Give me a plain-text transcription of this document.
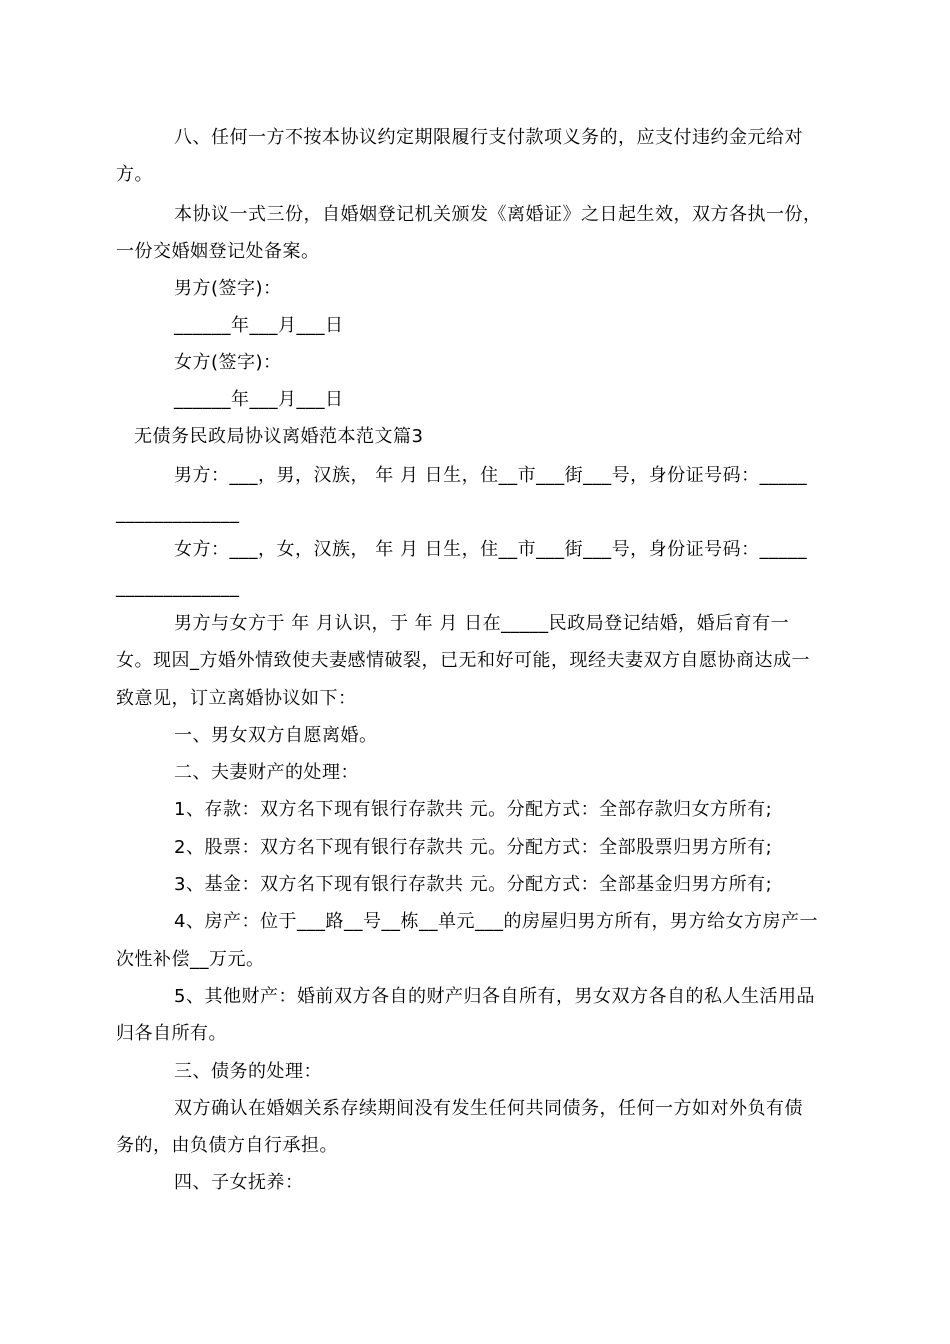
八、任何一方不按本协议约定期限履行支付款项义务的，应支付违约金元给对
方。
本协议一式三份，自婚姻登记机关颁发《离婚证》之日起生效，双方各执一份，
一份交婚姻登记处备案。
男方(签字)：
______年___月___日
女方(签字)：
______年___月___日
无债务民政局协议离婚范本范文篇3
男方：___，男，汉族， 年 月 日生，住__市___街___号，身份证号码：_____
_____________
女方：___，女，汉族， 年 月 日生，住__市___街___号，身份证号码：_____
_____________
男方与女方于 年 月认识，于 年 月 日在_____民政局登记结婚，婚后育有一
女。现因_方婚外情致使夫妻感情破裂，已无和好可能，现经夫妻双方自愿协商达成一
致意见，订立离婚协议如下：
一、男女双方自愿离婚。
二、夫妻财产的处理：
1、存款：双方名下现有银行存款共 元。分配方式：全部存款归女方所有;
2、股票：双方名下现有银行存款共 元。分配方式：全部股票归男方所有;
3、基金：双方名下现有银行存款共 元。分配方式：全部基金归男方所有;
4、房产：位于___路__号__栋__单元___的房屋归男方所有，男方给女方房产一
次性补偿__万元。
5、其他财产：婚前双方各自的财产归各自所有，男女双方各自的私人生活用品
归各自所有。
三、债务的处理：
双方确认在婚姻关系存续期间没有发生任何共同债务，任何一方如对外负有债
务的，由负债方自行承担。
四、子女抚养：
